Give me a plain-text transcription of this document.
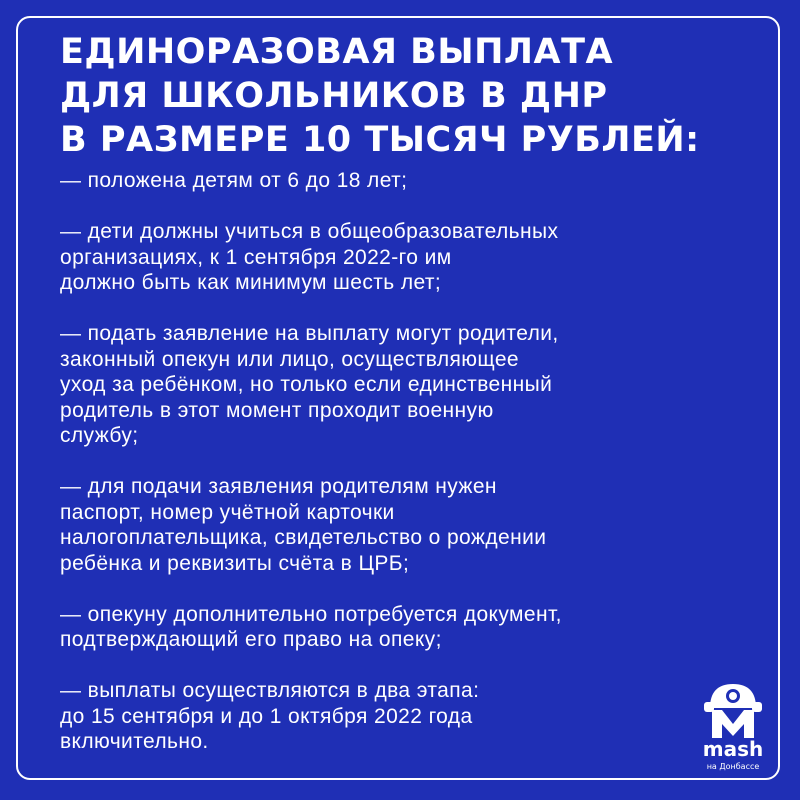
ЕДИНОРАЗОВАЯ ВЫПЛАТА
ДЛЯ ШКОЛЬНИКОВ В ДНР
В РАЗМЕРЕ 10 ТЫСЯЧ РУБЛЕЙ:
— положена детям от 6 до 18 лет;
— дети должны учиться в общеобразовательных
организациях, к 1 сентября 2022-го им
должно быть как минимум шесть лет;
— подать заявление на выплату могут родители,
законный опекун или лицо, осуществляющее
уход за ребёнком, но только если единственный
родитель в этот момент проходит военную
службу;
— для подачи заявления родителям нужен
паспорт, номер учётной карточки
налогоплательщика, свидетельство о рождении
ребёнка и реквизиты счёта в ЦРБ;
— опекуну дополнительно потребуется документ,
подтверждающий его право на опеку;
— выплаты осуществляются в два этапа:
до 15 сентября и до 1 октября 2022 года
включительно.	mash
на Донбассе
